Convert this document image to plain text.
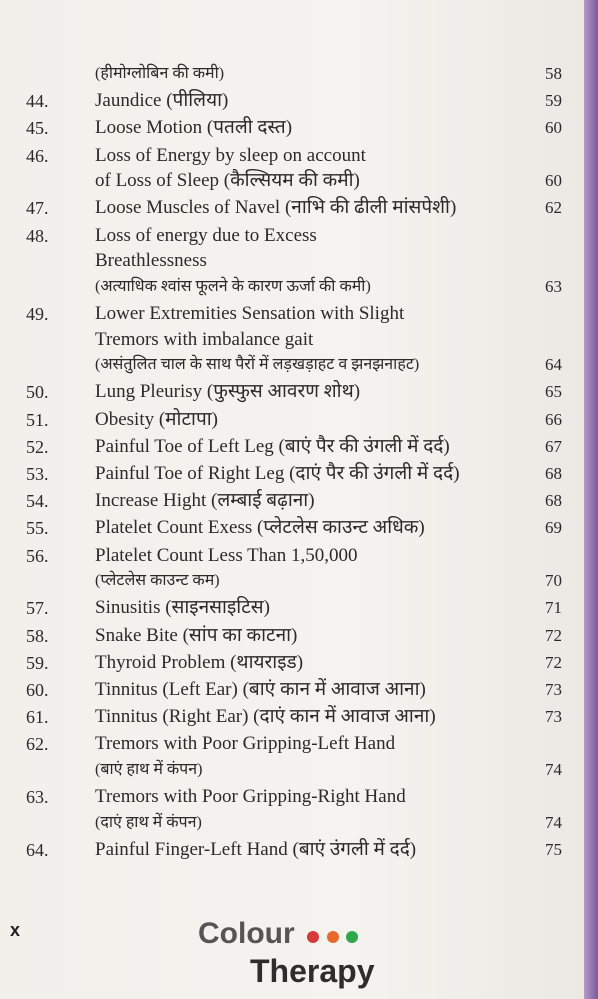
(हीमोग्लोबिन की कमी)	58
44. Jaundice (पीलिया)	59
45. Loose Motion (पतली दस्त)	60
46. Loss of Energy by sleep on account
of Loss of Sleep (कैल्सियम की कमी)	60
47. Loose Muscles of Navel (नाभि की ढीली मांसपेशी)	62
48. Loss of energy due to Excess
Breathlessness
(अत्याधिक श्वांस फूलने के कारण ऊर्जा की कमी)	63
49. Lower Extremities Sensation with Slight
Tremors with imbalance gait
(असंतुलित चाल के साथ पैरों में लड़खड़ाहट व झनझनाहट)	64
50. Lung Pleurisy (फुस्फुस आवरण शोथ)	65
51. Obesity (मोटापा)	66
52. Painful Toe of Left Leg (बाएं पैर की उंगली में दर्द)	67
53. Painful Toe of Right Leg (दाएं पैर की उंगली में दर्द)	68
54. Increase Hight (लम्बाई बढ़ाना)	68
55. Platelet Count Exess (प्लेटलेस काउन्ट अधिक)	69
56. Platelet Count Less Than 1,50,000
(प्लेटलेस काउन्ट कम)	70
57. Sinusitis (साइनसाइटिस)	71
58. Snake Bite (सांप का काटना)	72
59. Thyroid Problem (थायराइड)	72
60. Tinnitus (Left Ear) (बाएं कान में आवाज आना)	73
61. Tinnitus (Right Ear) (दाएं कान में आवाज आना)	73
62. Tremors with Poor Gripping-Left Hand
(बाएं हाथ में कंपन)	74
63. Tremors with Poor Gripping-Right Hand
(दाएं हाथ में कंपन)	74
64. Painful Finger-Left Hand (बाएं उंगली में दर्द)	75
x	Colour
Therapy
